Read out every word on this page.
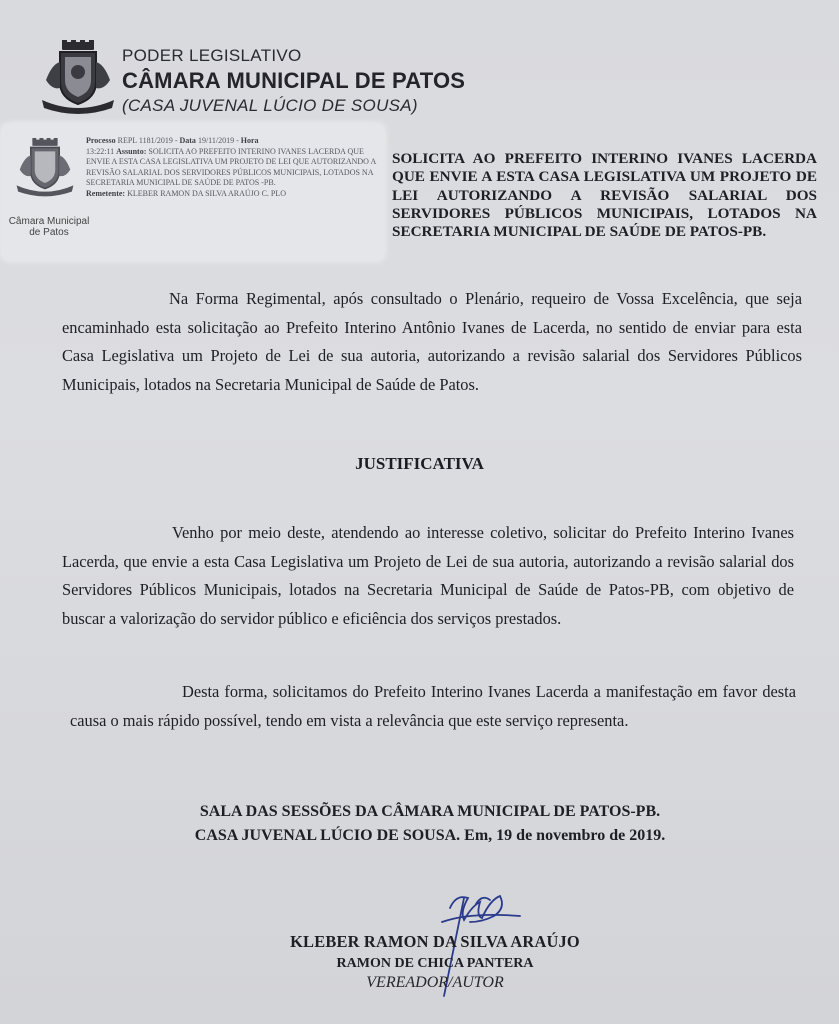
PODER LEGISLATIVO
CÂMARA MUNICIPAL DE PATOS
(CASA JUVENAL LÚCIO DE SOUSA)
Câmara Municipal de Patos
Processo REPL 1181/2019 - Data 19/11/2019 - Hora
13:22:11 Assunto: SOLICITA AO PREFEITO INTERINO IVANES LACERDA QUE ENVIE A ESTA CASA LEGISLATIVA UM PROJETO DE LEI QUE AUTORIZANDO A REVISÃO SALARIAL DOS SERVIDORES PÚBLICOS MUNICIPAIS, LOTADOS NA SECRETARIA MUNICIPAL DE SAÚDE DE PATOS -PB.
Remetente: KLEBER RAMON DA SILVA ARAÚJO C. PLO
SOLICITA AO PREFEITO INTERINO IVANES LACERDA QUE ENVIE A ESTA CASA LEGISLATIVA UM PROJETO DE LEI AUTORIZANDO A REVISÃO SALARIAL DOS SERVIDORES PÚBLICOS MUNICIPAIS, LOTADOS NA SECRETARIA MUNICIPAL DE SAÚDE DE PATOS-PB.
Na Forma Regimental, após consultado o Plenário, requeiro de Vossa Excelência, que seja encaminhado esta solicitação ao Prefeito Interino Antônio Ivanes de Lacerda, no sentido de enviar para esta Casa Legislativa um Projeto de Lei de sua autoria, autorizando a revisão salarial dos Servidores Públicos Municipais, lotados na Secretaria Municipal de Saúde de Patos.
JUSTIFICATIVA
Venho por meio deste, atendendo ao interesse coletivo, solicitar do Prefeito Interino Ivanes Lacerda, que envie a esta Casa Legislativa um Projeto de Lei de sua autoria, autorizando a revisão salarial dos Servidores Públicos Municipais, lotados na Secretaria Municipal de Saúde de Patos-PB, com objetivo de buscar a valorização do servidor público e eficiência dos serviços prestados.
Desta forma, solicitamos do Prefeito Interino Ivanes Lacerda a manifestação em favor desta causa o mais rápido possível, tendo em vista a relevância que este serviço representa.
SALA DAS SESSÕES DA CÂMARA MUNICIPAL DE PATOS-PB.
CASA JUVENAL LÚCIO DE SOUSA. Em, 19 de novembro de 2019.
KLEBER RAMON DA SILVA ARAÚJO
RAMON DE CHICA PANTERA
VEREADOR/AUTOR
